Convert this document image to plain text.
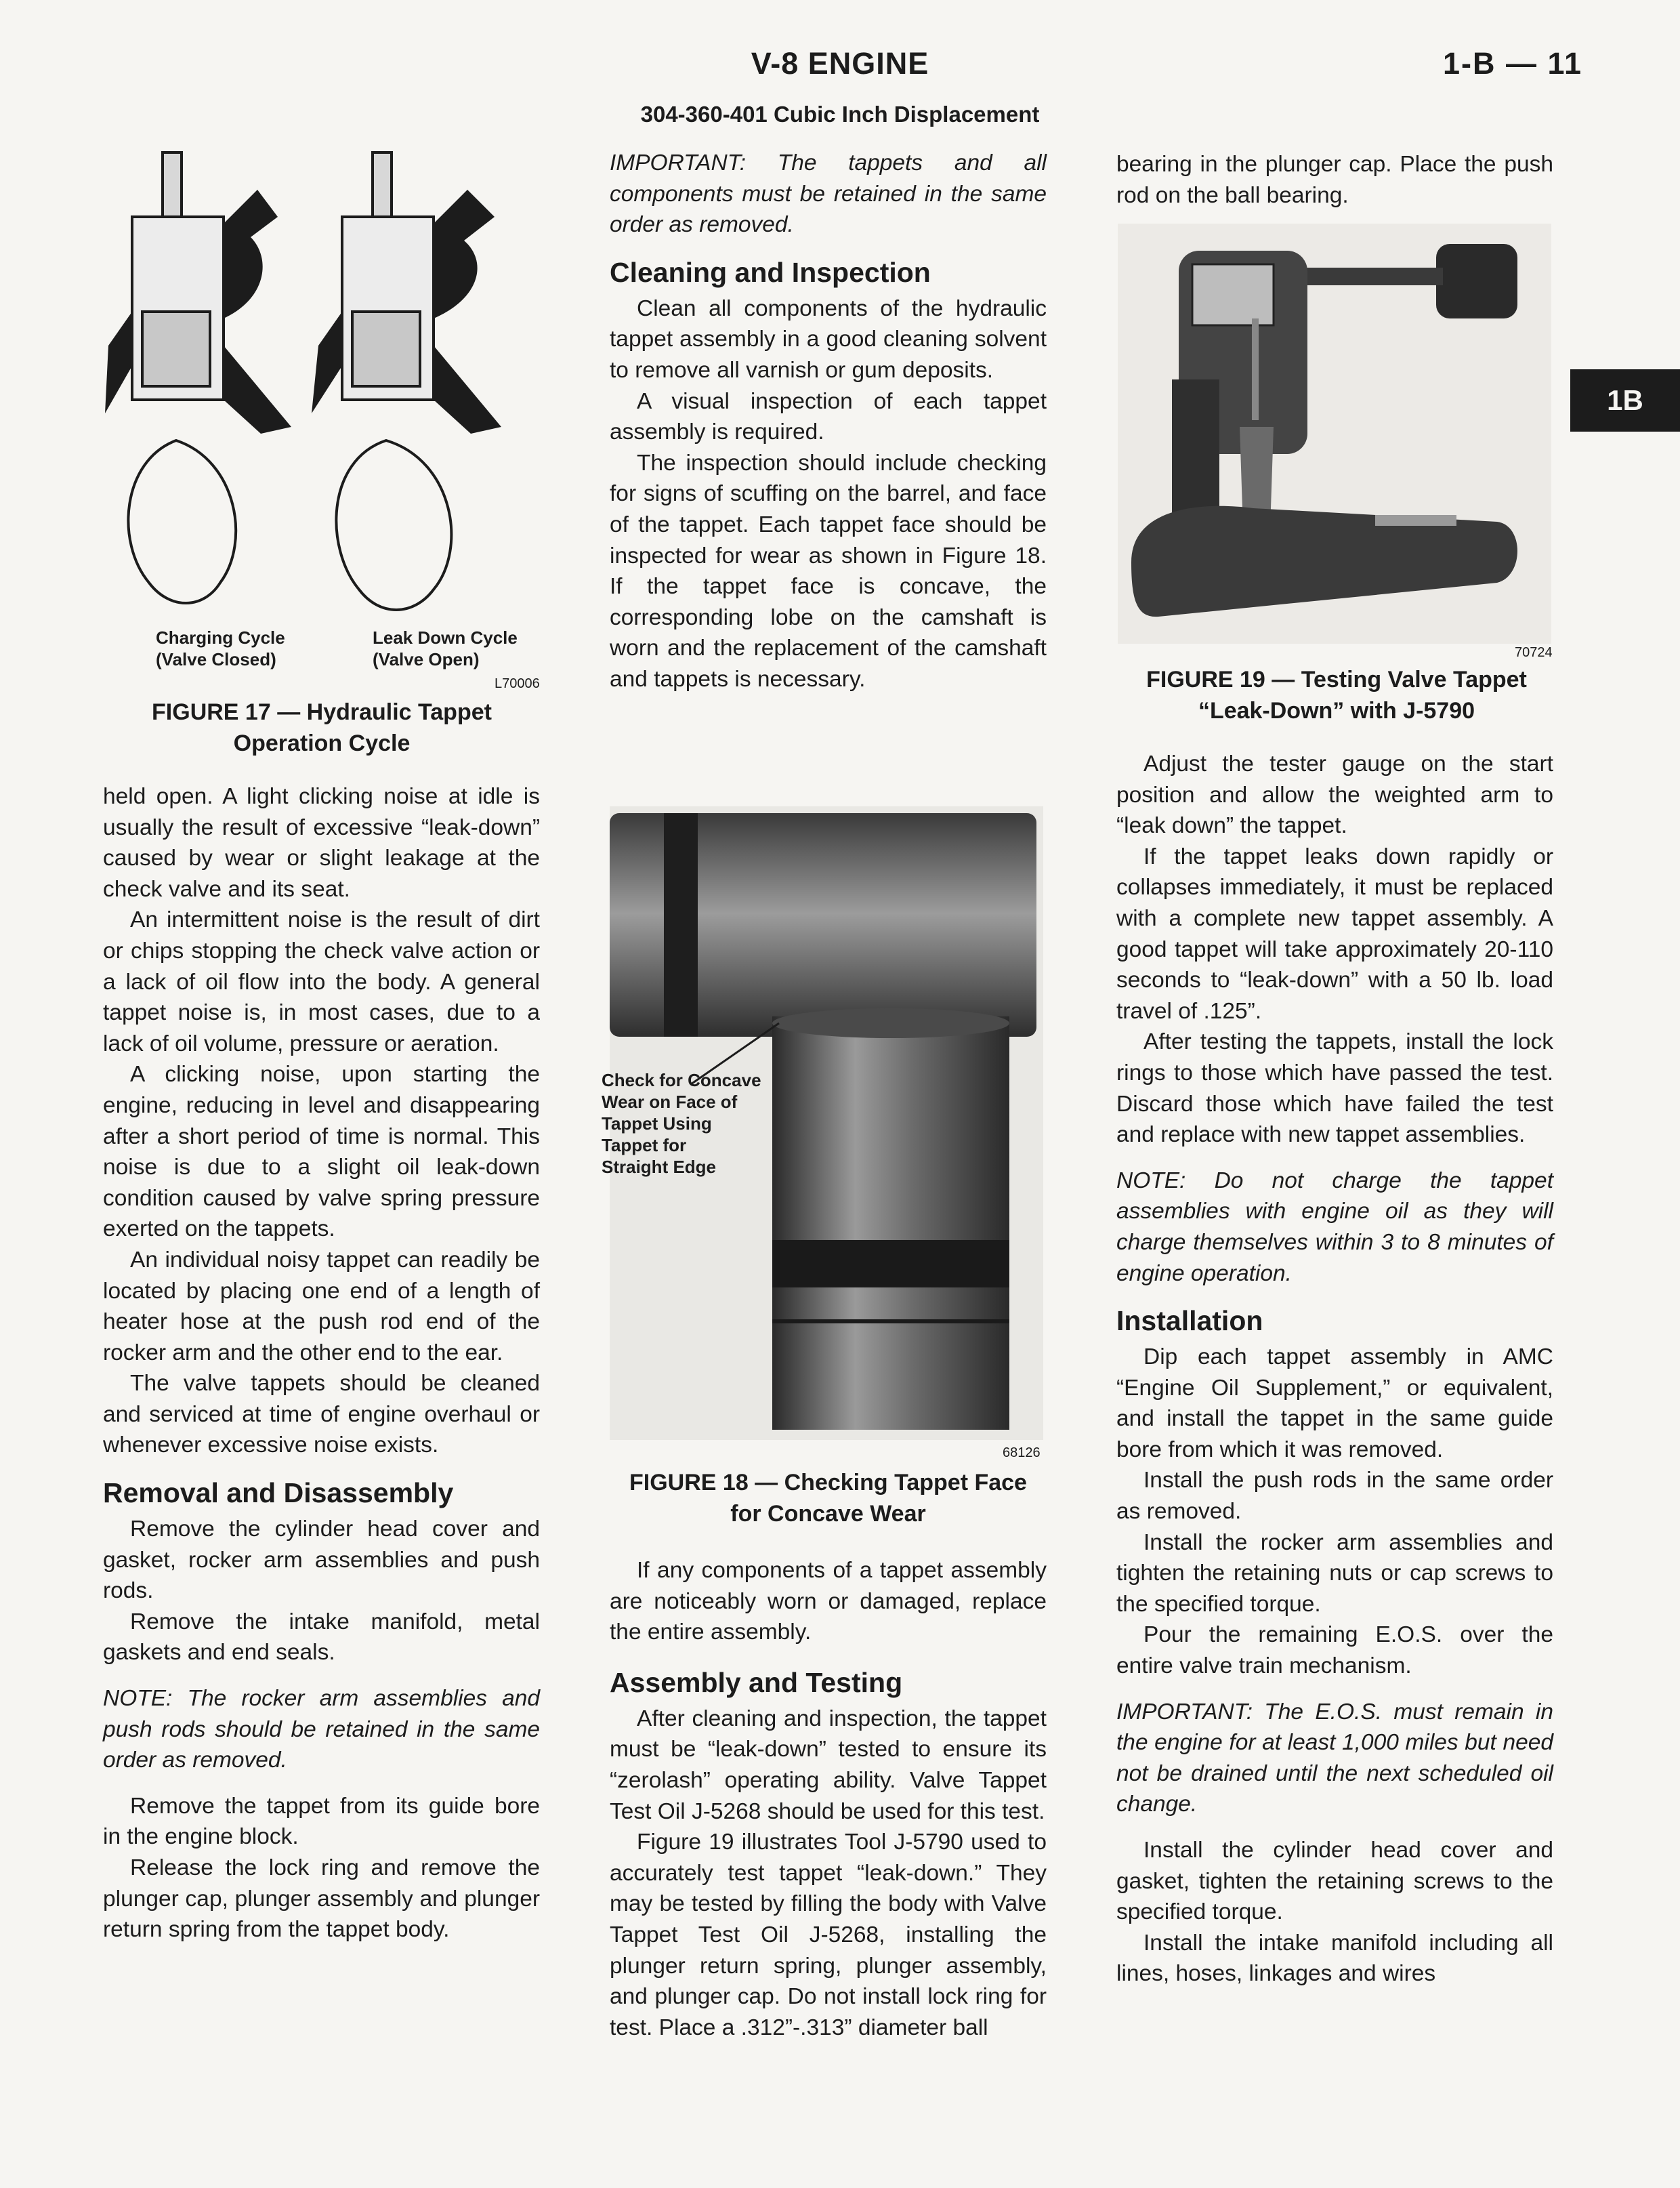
V-8 ENGINE
304-360-401 Cubic Inch Displacement
1-B — 11
1B
Charging Cycle
(Valve Closed)
Leak Down Cycle
(Valve Open)
L70006
FIGURE 17 — Hydraulic Tappet
Operation Cycle

held open. A light clicking noise at idle is usually the result of excessive “leak-down” caused by wear or slight leakage at the check valve and its seat.

An intermittent noise is the result of dirt or chips stopping the check valve action or a lack of oil flow into the body. A general tappet noise is, in most cases, due to a lack of oil volume, pressure or aeration.

A clicking noise, upon starting the engine, reducing in level and disappearing after a short period of time is normal. This noise is due to a slight oil leak-down condition caused by valve spring pressure exerted on the tappets.

An individual noisy tappet can readily be located by placing one end of a length of heater hose at the push rod end of the rocker arm and the other end to the ear.

The valve tappets should be cleaned and serviced at time of engine overhaul or whenever excessive noise exists.

Removal and Disassembly

Remove the cylinder head cover and gasket, rocker arm assemblies and push rods.

Remove the intake manifold, metal gaskets and end seals.

NOTE: The rocker arm assemblies and push rods should be retained in the same order as removed.

Remove the tappet from its guide bore in the engine block.

Release the lock ring and remove the plunger cap, plunger assembly and plunger return spring from the tappet body.

IMPORTANT: The tappets and all components must be retained in the same order as removed.

Cleaning and Inspection

Clean all components of the hydraulic tappet assembly in a good cleaning solvent to remove all varnish or gum deposits.

A visual inspection of each tappet assembly is required.

The inspection should include checking for signs of scuffing on the barrel, and face of the tappet. Each tappet face should be inspected for wear as shown in Figure 18. If the tappet face is concave, the corresponding lobe on the camshaft is worn and the replacement of the camshaft and tappets is necessary.

Check for Concave
Wear on Face of
Tappet Using
Tappet for
Straight Edge
68126
FIGURE 18 — Checking Tappet Face
for Concave Wear

If any components of a tappet assembly are noticeably worn or damaged, replace the entire assembly.

Assembly and Testing

After cleaning and inspection, the tappet must be “leak-down” tested to ensure its “zerolash” operating ability. Valve Tappet Test Oil J-5268 should be used for this test.

Figure 19 illustrates Tool J-5790 used to accurately test tappet “leak-down.” They may be tested by filling the body with Valve Tappet Test Oil J-5268, installing the plunger return spring, plunger assembly, and plunger cap. Do not install lock ring for test. Place a .312”-.313” diameter ball

bearing in the plunger cap. Place the push rod on the ball bearing.

70724
FIGURE 19 — Testing Valve Tappet
“Leak-Down” with J-5790

Adjust the tester gauge on the start position and allow the weighted arm to “leak down” the tappet.

If the tappet leaks down rapidly or collapses immediately, it must be replaced with a complete new tappet assembly. A good tappet will take approximately 20-110 seconds to “leak-down” with a 50 lb. load travel of .125”.

After testing the tappets, install the lock rings to those which have passed the test. Discard those which have failed the test and replace with new tappet assemblies.

NOTE: Do not charge the tappet assemblies with engine oil as they will charge themselves within 3 to 8 minutes of engine operation.

Installation

Dip each tappet assembly in AMC “Engine Oil Supplement,” or equivalent, and install the tappet in the same guide bore from which it was removed.

Install the push rods in the same order as removed.

Install the rocker arm assemblies and tighten the retaining nuts or cap screws to the specified torque.

Pour the remaining E.O.S. over the entire valve train mechanism.

IMPORTANT: The E.O.S. must remain in the engine for at least 1,000 miles but need not be drained until the next scheduled oil change.

Install the cylinder head cover and gasket, tighten the retaining screws to the specified torque.

Install the intake manifold including all lines, hoses, linkages and wires
